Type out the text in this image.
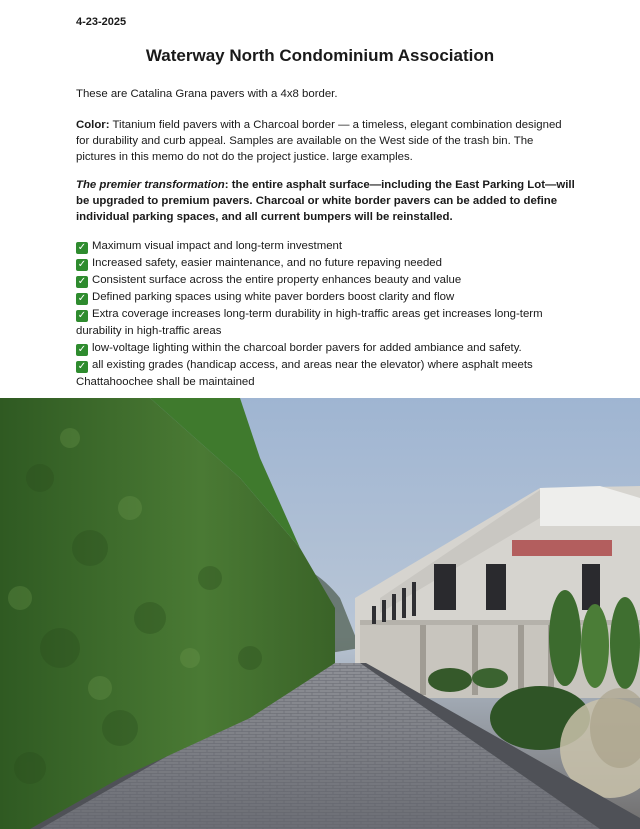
4-23-2025
Waterway North Condominium Association
These are Catalina Grana pavers with a 4x8 border.
Color: Titanium field pavers with a Charcoal border — a timeless, elegant combination designed for durability and curb appeal. Samples are available on the West side of the trash bin. The pictures in this memo do not do the project justice. large examples.
The premier transformation: the entire asphalt surface—including the East Parking Lot—will be upgraded to premium pavers. Charcoal or white border pavers can be added to define individual parking spaces, and all current bumpers will be reinstalled.
✓ Maximum visual impact and long-term investment
✓ Increased safety, easier maintenance, and no future repaving needed
✓ Consistent surface across the entire property enhances beauty and value
✓ Defined parking spaces using white paver borders boost clarity and flow
✓ Extra coverage increases long-term durability in high-traffic areas get increases long-term durability in high-traffic areas
✓ low-voltage lighting within the charcoal border pavers for added ambiance and safety.
✓ all existing grades (handicap access, and areas near the elevator) where asphalt meets Chattahoochee shall be maintained
